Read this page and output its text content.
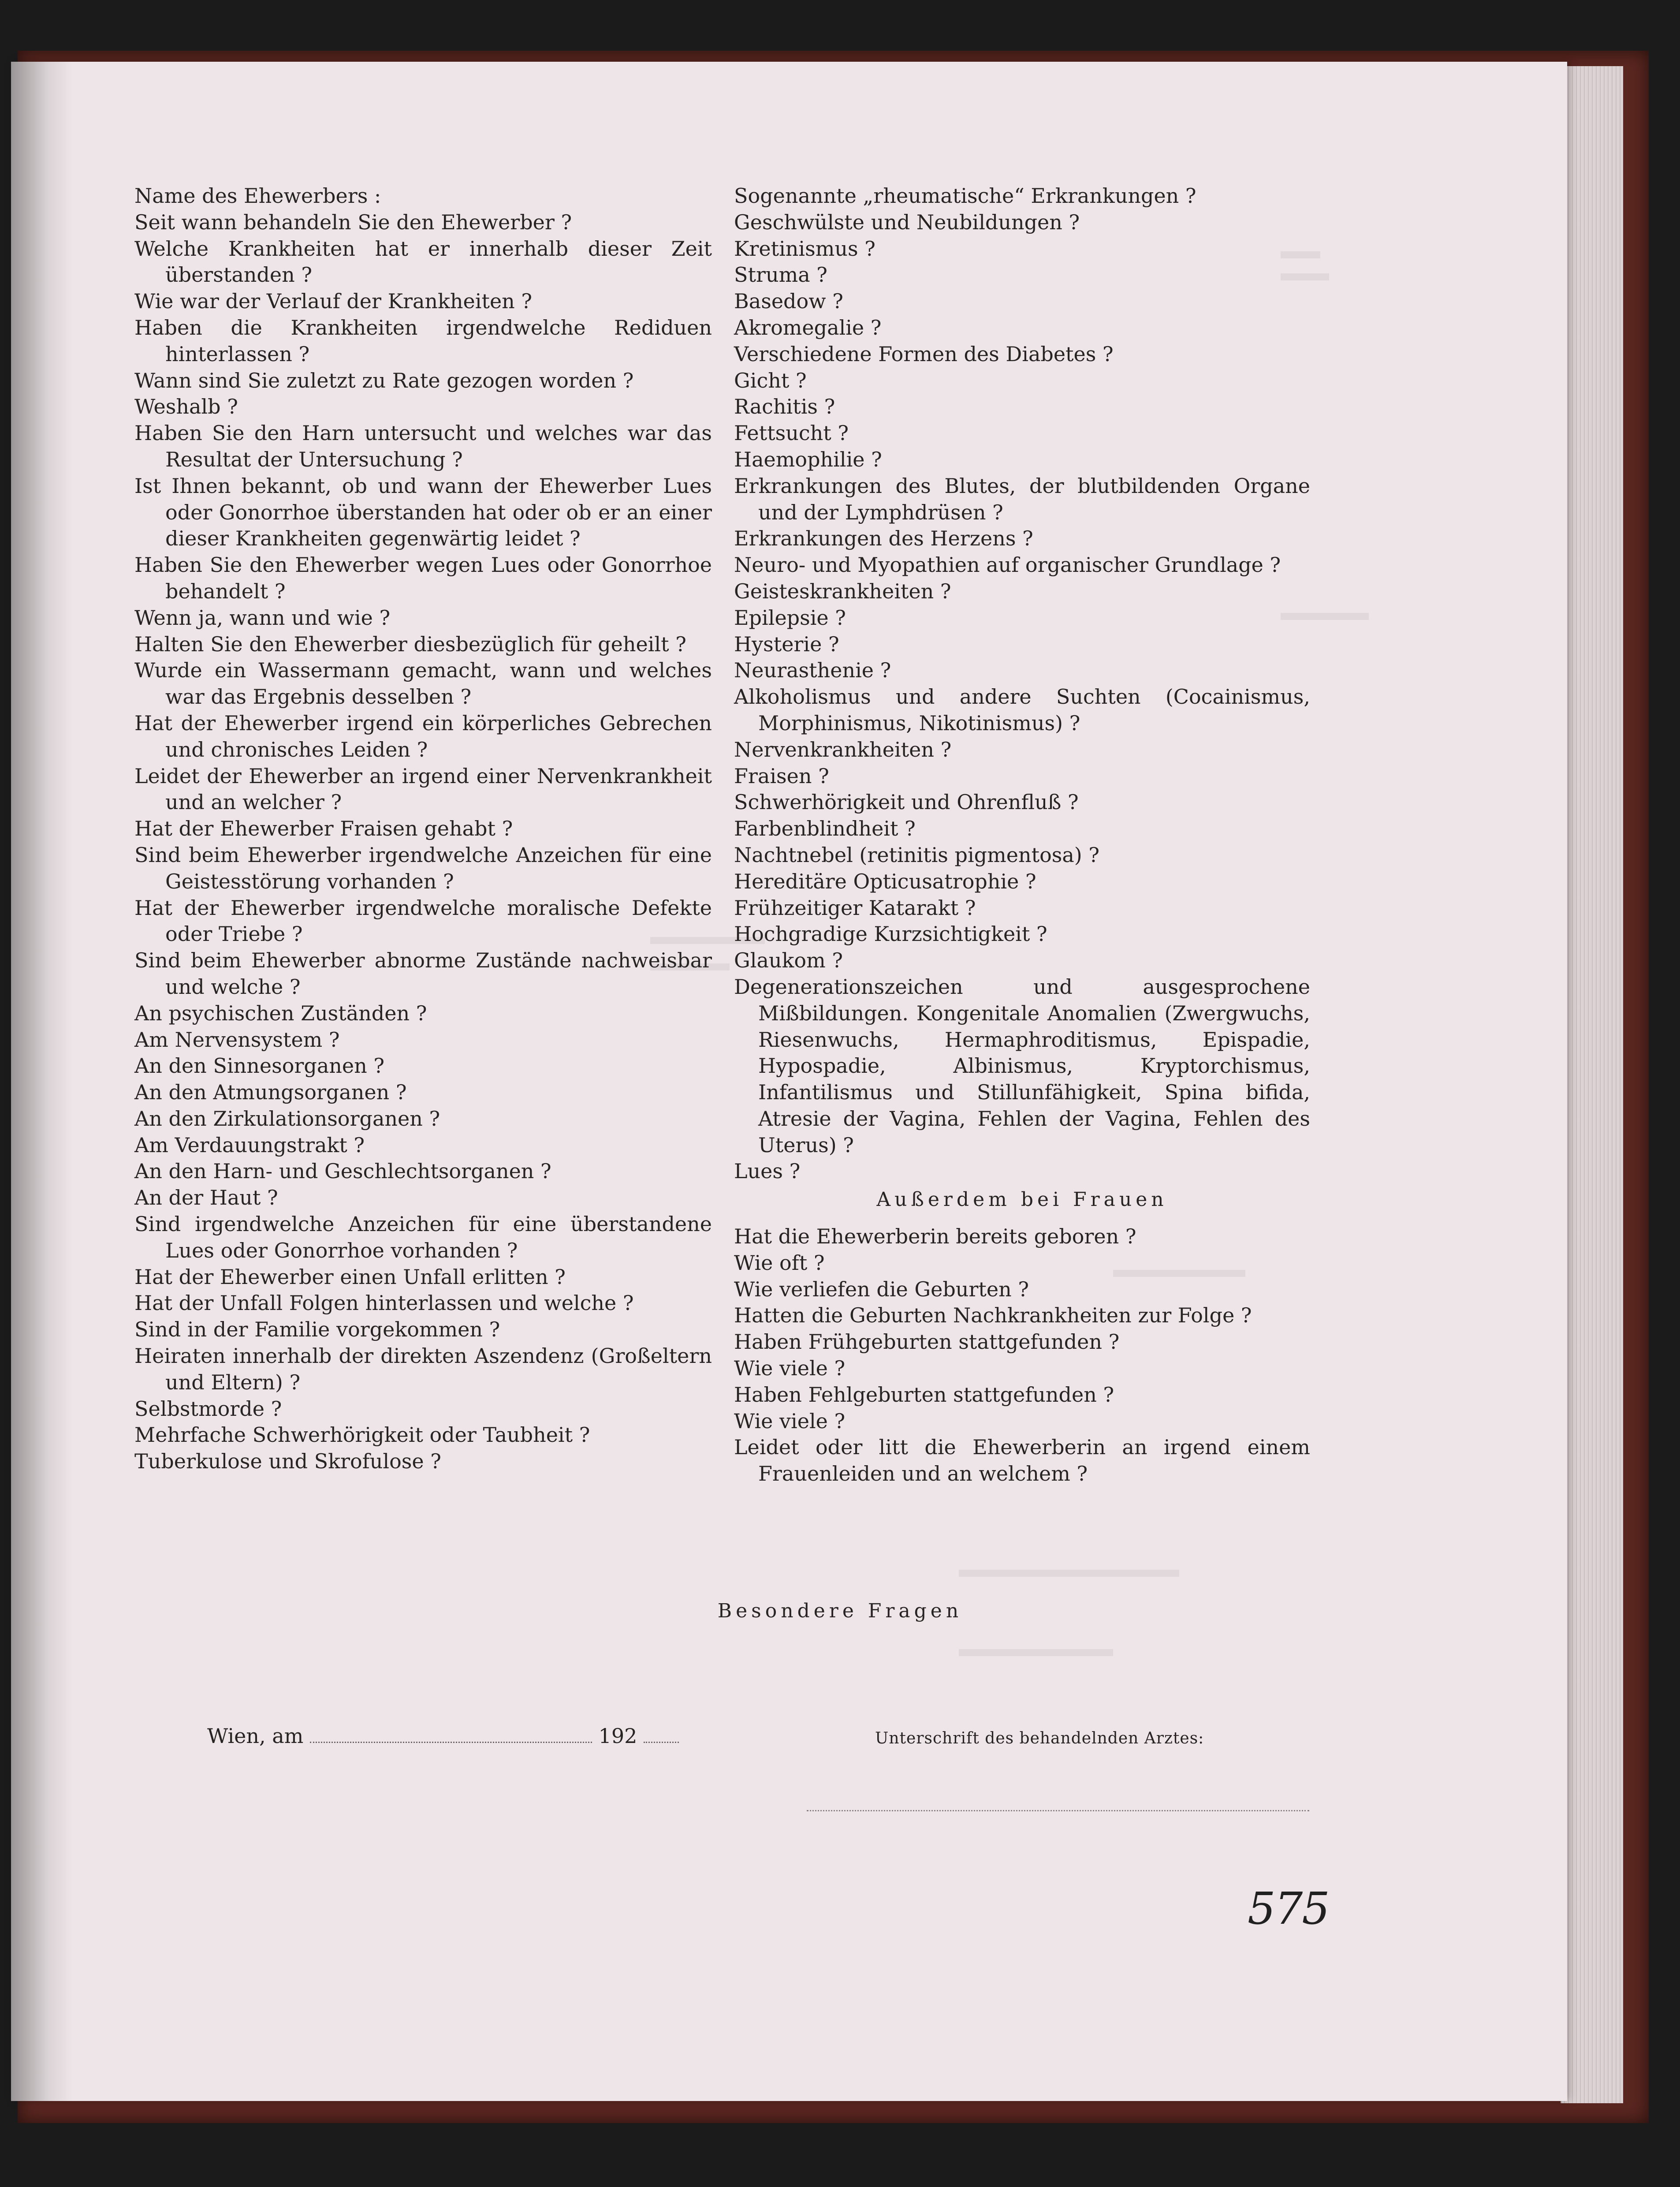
Name des Ehewerbers :

Seit wann behandeln Sie den Ehewerber ?

Welche Krankheiten hat er innerhalb dieser Zeit überstanden ?

Wie war der Verlauf der Krankheiten ?

Haben die Krankheiten irgendwelche Rediduen hinterlassen ?

Wann sind Sie zuletzt zu Rate gezogen worden ?

Weshalb ?

Haben Sie den Harn untersucht und welches war das Resultat der Untersuchung ?

Ist Ihnen bekannt, ob und wann der Ehewerber Lues oder Gonorrhoe überstanden hat oder ob er an einer dieser Krankheiten gegenwärtig leidet ?

Haben Sie den Ehewerber wegen Lues oder Gonorrhoe behandelt ?

Wenn ja, wann und wie ?

Halten Sie den Ehewerber diesbezüglich für geheilt ?

Wurde ein Wassermann gemacht, wann und welches war das Ergebnis desselben ?

Hat der Ehewerber irgend ein körperliches Gebrechen und chronisches Leiden ?

Leidet der Ehewerber an irgend einer Nervenkrankheit und an welcher ?

Hat der Ehewerber Fraisen gehabt ?

Sind beim Ehewerber irgendwelche Anzeichen für eine Geistesstörung vorhanden ?

Hat der Ehewerber irgendwelche moralische Defekte oder Triebe ?

Sind beim Ehewerber abnorme Zustände nachweisbar und welche ?

An psychischen Zuständen ?

Am Nervensystem ?

An den Sinnesorganen ?

An den Atmungsorganen ?

An den Zirkulationsorganen ?

Am Verdauungstrakt ?

An den Harn- und Geschlechtsorganen ?

An der Haut ?

Sind irgendwelche Anzeichen für eine überstandene Lues oder Gonorrhoe vorhanden ?

Hat der Ehewerber einen Unfall erlitten ?

Hat der Unfall Folgen hinterlassen und welche ?

Sind in der Familie vorgekommen ?

Heiraten innerhalb der direkten Aszendenz (Großeltern und Eltern) ?

Selbstmorde ?

Mehrfache Schwerhörigkeit oder Taubheit ?

Tuberkulose und Skrofulose ?

Sogenannte „rheumatische“ Erkrankungen ?

Geschwülste und Neubildungen ?

Kretinismus ?

Struma ?

Basedow ?

Akromegalie ?

Verschiedene Formen des Diabetes ?

Gicht ?

Rachitis ?

Fettsucht ?

Haemophilie ?

Erkrankungen des Blutes, der blutbildenden Organe und der Lymphdrüsen ?

Erkrankungen des Herzens ?

Neuro- und Myopathien auf organischer Grundlage ?

Geisteskrankheiten ?

Epilepsie ?

Hysterie ?

Neurasthenie ?

Alkoholismus und andere Suchten (Cocainismus, Morphinismus, Nikotinismus) ?

Nervenkrankheiten ?

Fraisen ?

Schwerhörigkeit und Ohrenfluß ?

Farbenblindheit ?

Nachtnebel (retinitis pigmentosa) ?

Hereditäre Opticusatrophie ?

Frühzeitiger Katarakt ?

Hochgradige Kurzsichtigkeit ?

Glaukom ?

Degenerationszeichen und ausgesprochene Mißbildungen. Kongenitale Anomalien (Zwergwuchs, Riesenwuchs, Hermaphroditismus, Epispadie, Hypospadie, Albinismus, Kryptorchismus, Infantilismus und Stillunfähigkeit, Spina bifida, Atresie der Vagina, Fehlen der Vagina, Fehlen des Uterus) ?

Lues ?

Außerdem bei Frauen

Hat die Ehewerberin bereits geboren ?

Wie oft ?

Wie verliefen die Geburten ?

Hatten die Geburten Nachkrankheiten zur Folge ?

Haben Frühgeburten stattgefunden ?

Wie viele ?

Haben Fehlgeburten stattgefunden ?

Wie viele ?

Leidet oder litt die Ehewerberin an irgend einem Frauenleiden und an welchem ?

Besondere Fragen
Wien, am	192	Unterschrift des behandelnden Arztes:
575
